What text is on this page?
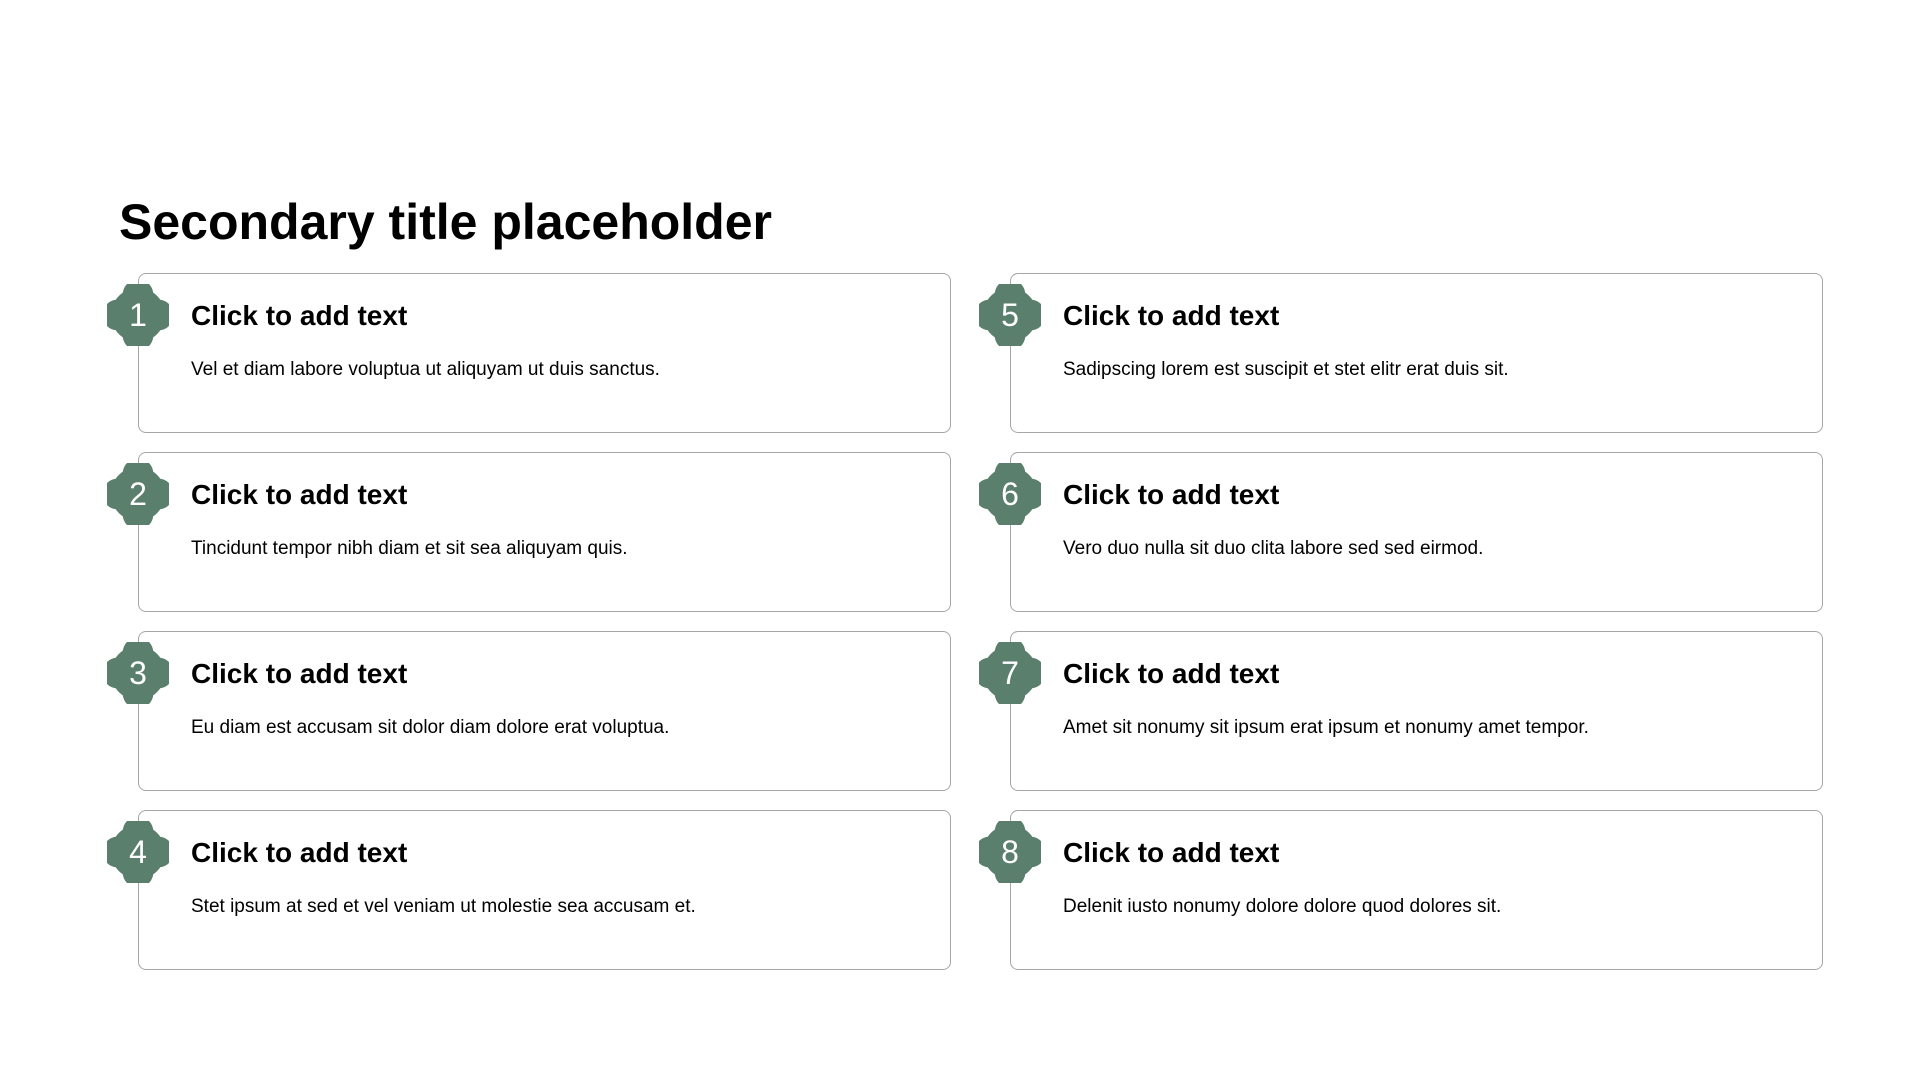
Secondary title placeholder
1	Click to add text
Vel et diam labore voluptua ut aliquyam ut duis sanctus.
2	Click to add text
Tincidunt tempor nibh diam et sit sea aliquyam quis.
3	Click to add text
Eu diam est accusam sit dolor diam dolore erat voluptua.
4	Click to add text
Stet ipsum at sed et vel veniam ut molestie sea accusam et.
5	Click to add text
Sadipscing lorem est suscipit et stet elitr erat duis sit.
6	Click to add text
Vero duo nulla sit duo clita labore sed sed eirmod.
7	Click to add text
Amet sit nonumy sit ipsum erat ipsum et nonumy amet tempor.
8	Click to add text
Delenit iusto nonumy dolore dolore quod dolores sit.
